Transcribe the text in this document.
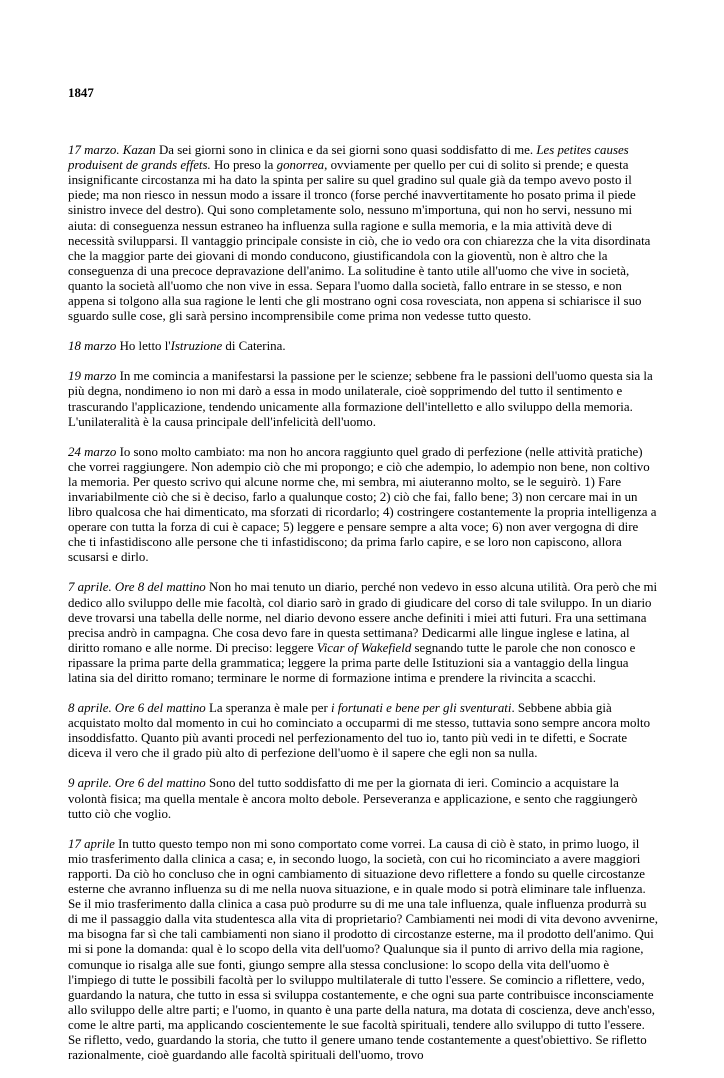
1847

17 marzo. Kazan Da sei giorni sono in clinica e da sei giorni sono quasi soddisfatto di me. Les petites causes produisent de grands effets. Ho preso la gonorrea, ovviamente per quello per cui di solito si prende; e questa insignificante circostanza mi ha dato la spinta per salire su quel gradino sul quale già da tempo avevo posto il piede; ma non riesco in nessun modo a issare il tronco (forse perché inavvertitamente ho posato prima il piede sinistro invece del destro). Qui sono completamente solo, nessuno m'importuna, qui non ho servi, nessuno mi aiuta: di conseguenza nessun estraneo ha influenza sulla ragione e sulla memoria, e la mia attività deve di necessità svilupparsi. Il vantaggio principale consiste in ciò, che io vedo ora con chiarezza che la vita disordinata che la maggior parte dei giovani di mondo conducono, giustificandola con la gioventù, non è altro che la conseguenza di una precoce depravazione dell'animo. La solitudine è tanto utile all'uomo che vive in società, quanto la società all'uomo che non vive in essa. Separa l'uomo dalla società, fallo entrare in se stesso, e non appena si tolgono alla sua ragione le lenti che gli mostrano ogni cosa rovesciata, non appena si schiarisce il suo sguardo sulle cose, gli sarà persino incomprensibile come prima non vedesse tutto questo.

18 marzo Ho letto l'Istruzione di Caterina.

19 marzo In me comincia a manifestarsi la passione per le scienze; sebbene fra le passioni dell'uomo questa sia la più degna, nondimeno io non mi darò a essa in modo unilaterale, cioè sopprimendo del tutto il sentimento e trascurando l'applicazione, tendendo unicamente alla formazione dell'intelletto e allo sviluppo della memoria. L'unilateralità è la causa principale dell'infelicità dell'uomo.

24 marzo Io sono molto cambiato: ma non ho ancora raggiunto quel grado di perfezione (nelle attività pratiche) che vorrei raggiungere. Non adempio ciò che mi propongo; e ciò che adempio, lo adempio non bene, non coltivo la memoria. Per questo scrivo qui alcune norme che, mi sembra, mi aiuteranno molto, se le seguirò. 1) Fare invariabilmente ciò che si è deciso, farlo a qualunque costo; 2) ciò che fai, fallo bene; 3) non cercare mai in un libro qualcosa che hai dimenticato, ma sforzati di ricordarlo; 4) costringere costantemente la propria intelligenza a operare con tutta la forza di cui è capace; 5) leggere e pensare sempre a alta voce; 6) non aver vergogna di dire che ti infastidiscono alle persone che ti infastidiscono; da prima farlo capire, e se loro non capiscono, allora scusarsi e dirlo.

7 aprile. Ore 8 del mattino Non ho mai tenuto un diario, perché non vedevo in esso alcuna utilità. Ora però che mi dedico allo sviluppo delle mie facoltà, col diario sarò in grado di giudicare del corso di tale sviluppo. In un diario deve trovarsi una tabella delle norme, nel diario devono essere anche definiti i miei atti futuri. Fra una settimana precisa andrò in campagna. Che cosa devo fare in questa settimana? Dedicarmi alle lingue inglese e latina, al diritto romano e alle norme. Di preciso: leggere Vicar of Wakefield segnando tutte le parole che non conosco e ripassare la prima parte della grammatica; leggere la prima parte delle Istituzioni sia a vantaggio della lingua latina sia del diritto romano; terminare le norme di formazione intima e prendere la rivincita a scacchi.

8 aprile. Ore 6 del mattino La speranza è male per i fortunati e bene per gli sventurati. Sebbene abbia già acquistato molto dal momento in cui ho cominciato a occuparmi di me stesso, tuttavia sono sempre ancora molto insoddisfatto. Quanto più avanti procedi nel perfezionamento del tuo io, tanto più vedi in te difetti, e Socrate diceva il vero che il grado più alto di perfezione dell'uomo è il sapere che egli non sa nulla.

9 aprile. Ore 6 del mattino Sono del tutto soddisfatto di me per la giornata di ieri. Comincio a acquistare la volontà fisica; ma quella mentale è ancora molto debole. Perseveranza e applicazione, e sento che raggiungerò tutto ciò che voglio.

17 aprile In tutto questo tempo non mi sono comportato come vorrei. La causa di ciò è stato, in primo luogo, il mio trasferimento dalla clinica a casa; e, in secondo luogo, la società, con cui ho ricominciato a avere maggiori rapporti. Da ciò ho concluso che in ogni cambiamento di situazione devo riflettere a fondo su quelle circostanze esterne che avranno influenza su di me nella nuova situazione, e in quale modo si potrà eliminare tale influenza. Se il mio trasferimento dalla clinica a casa può produrre su di me una tale influenza, quale influenza produrrà su di me il passaggio dalla vita studentesca alla vita di proprietario? Cambiamenti nei modi di vita devono avvenirne, ma bisogna far sì che tali cambiamenti non siano il prodotto di circostanze esterne, ma il prodotto dell'animo. Qui mi si pone la domanda: qual è lo scopo della vita dell'uomo? Qualunque sia il punto di arrivo della mia ragione, comunque io risalga alle sue fonti, giungo sempre alla stessa conclusione: lo scopo della vita dell'uomo è l'impiego di tutte le possibili facoltà per lo sviluppo multilaterale di tutto l'essere. Se comincio a riflettere, vedo, guardando la natura, che tutto in essa si sviluppa costantemente, e che ogni sua parte contribuisce inconsciamente allo sviluppo delle altre parti; e l'uomo, in quanto è una parte della natura, ma dotata di coscienza, deve anch'esso, come le altre parti, ma applicando coscientemente le sue facoltà spirituali, tendere allo sviluppo di tutto l'essere. Se rifletto, vedo, guardando la storia, che tutto il genere umano tende costantemente a quest'obiettivo. Se rifletto razionalmente, cioè guardando alle facoltà spirituali dell'uomo, trovo
